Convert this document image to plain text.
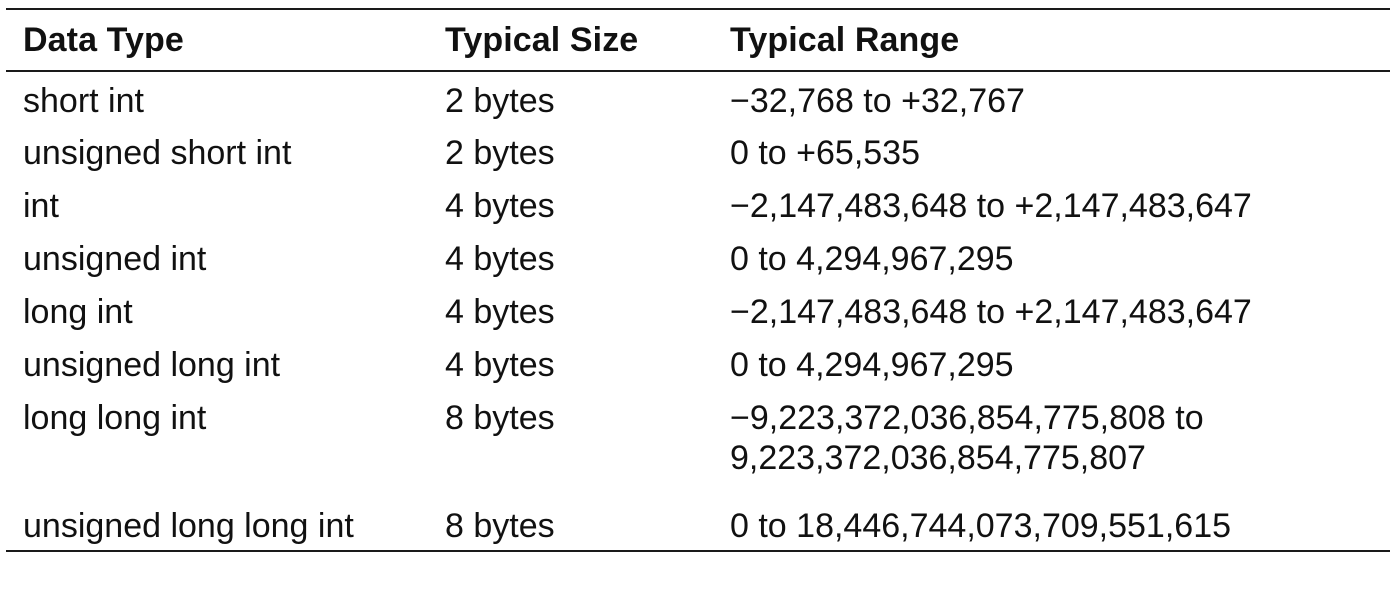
Data Type	Typical Size	Typical Range
short int	2 bytes	−32,768 to +32,767
unsigned short int	2 bytes	0 to +65,535
int	4 bytes	−2,147,483,648 to +2,147,483,647
unsigned int	4 bytes	0 to 4,294,967,295
long int	4 bytes	−2,147,483,648 to +2,147,483,647
unsigned long int	4 bytes	0 to 4,294,967,295
long long int	8 bytes	−9,223,372,036,854,775,808 to
9,223,372,036,854,775,807

unsigned long long int	8 bytes	0 to 18,446,744,073,709,551,615
